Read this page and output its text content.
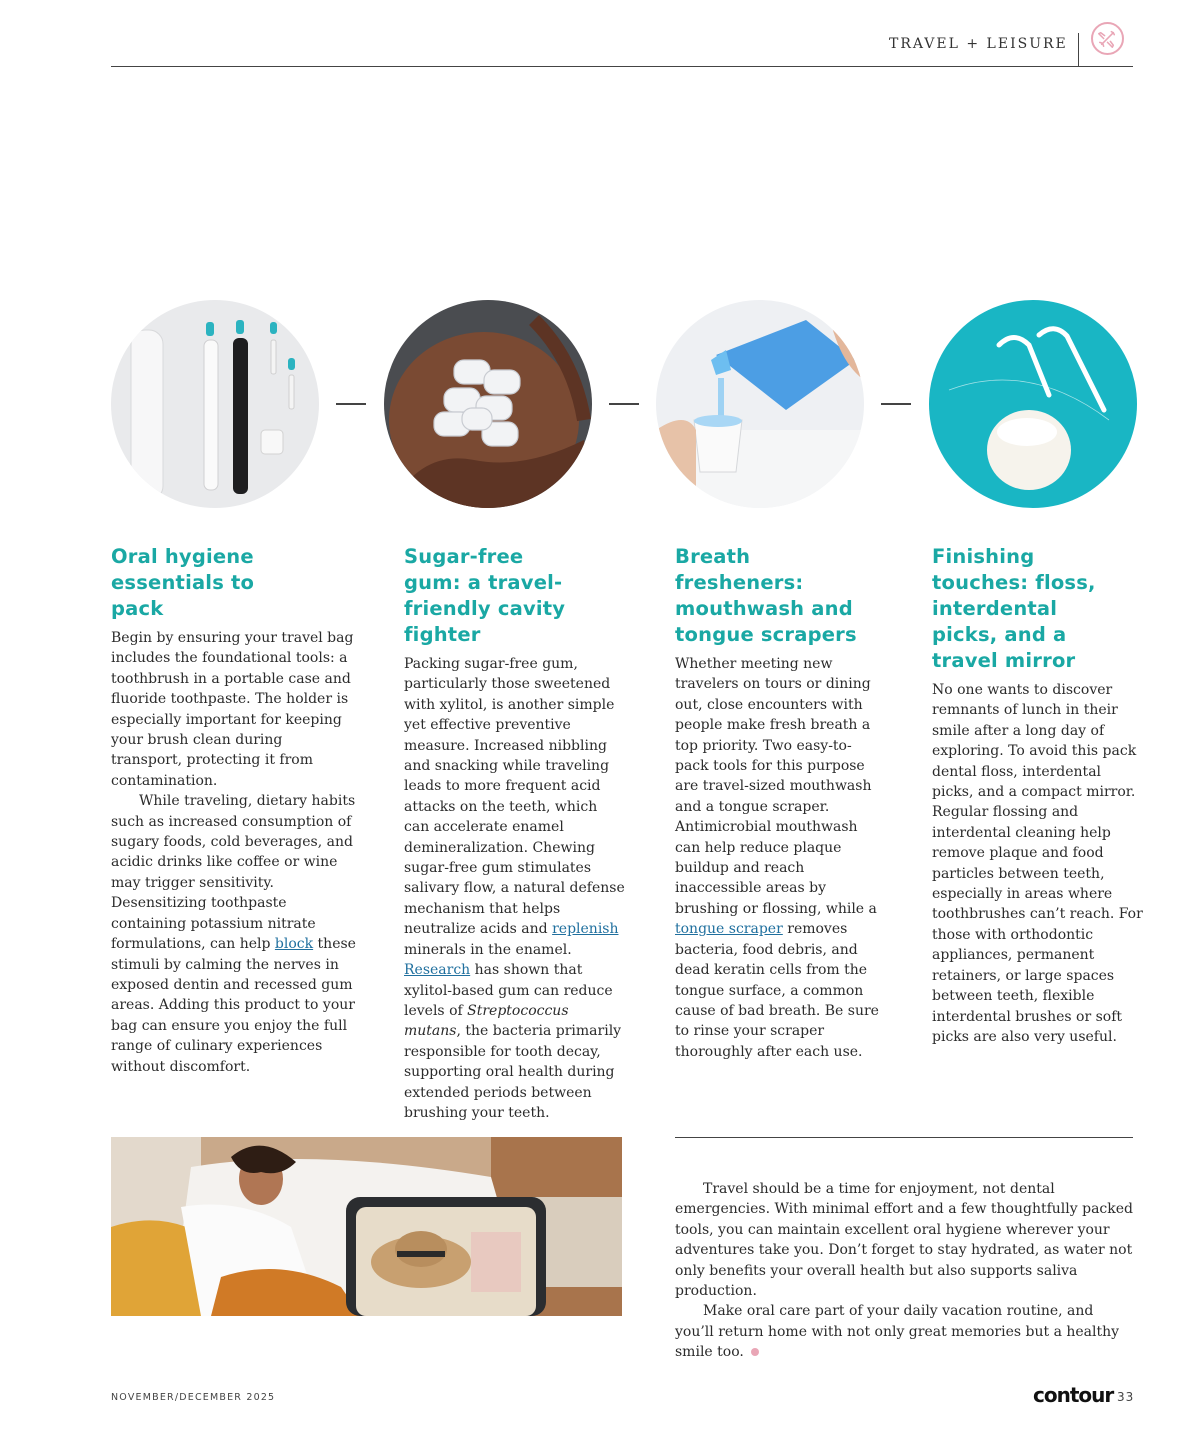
TRAVEL + LEISURE
Oral hygiene essentials to pack

Begin by ensuring your travel bag includes the foundational tools: a toothbrush in a portable case and fluoride toothpaste. The holder is especially important for keeping your brush clean during transport, protecting it from contamination.

While traveling, dietary habits such as increased consumption of sugary foods, cold beverages, and acidic drinks like coffee or wine may trigger sensitivity. Desensitizing toothpaste containing potassium nitrate formulations, can help block these stimuli by calming the nerves in exposed dentin and recessed gum areas. Adding this product to your bag can ensure you enjoy the full range of culinary experiences without discomfort.

Sugar-free gum: a travel-friendly cavity fighter

Packing sugar-free gum, particularly those sweetened with xylitol, is another simple yet effective preventive measure. Increased nibbling and snacking while traveling leads to more frequent acid attacks on the teeth, which can accelerate enamel demineralization. Chewing sugar-free gum stimulates salivary flow, a natural defense mechanism that helps neutralize acids and replenish minerals in the enamel. Research has shown that xylitol-based gum can reduce levels of Streptococcus mutans, the bacteria primarily responsible for tooth decay, supporting oral health during extended periods between brushing your teeth.

Breath fresheners: mouthwash and tongue scrapers

Whether meeting new travelers on tours or dining out, close encounters with people make fresh breath a top priority. Two easy-to-pack tools for this purpose are travel-sized mouthwash and a tongue scraper. Antimicrobial mouthwash can help reduce plaque buildup and reach inaccessible areas by brushing or flossing, while a tongue scraper removes bacteria, food debris, and dead keratin cells from the tongue surface, a common cause of bad breath. Be sure to rinse your scraper thoroughly after each use.

Finishing touches: floss, interdental picks, and a travel mirror

No one wants to discover remnants of lunch in their smile after a long day of exploring. To avoid this pack dental floss, interdental picks, and a compact mirror. Regular flossing and interdental cleaning help remove plaque and food particles between teeth, especially in areas where toothbrushes can’t reach. For those with orthodontic appliances, permanent retainers, or large spaces between teeth, flexible interdental brushes or soft picks are also very useful.

Travel should be a time for enjoyment, not dental emergencies. With minimal effort and a few thoughtfully packed tools, you can maintain excellent oral hygiene wherever your adventures take you. Don’t forget to stay hydrated, as water not only benefits your overall health but also supports saliva production.

Make oral care part of your daily vacation routine, and you’ll return home with not only great memories but a healthy smile too.

NOVEMBER/DECEMBER 2025	contour 33
